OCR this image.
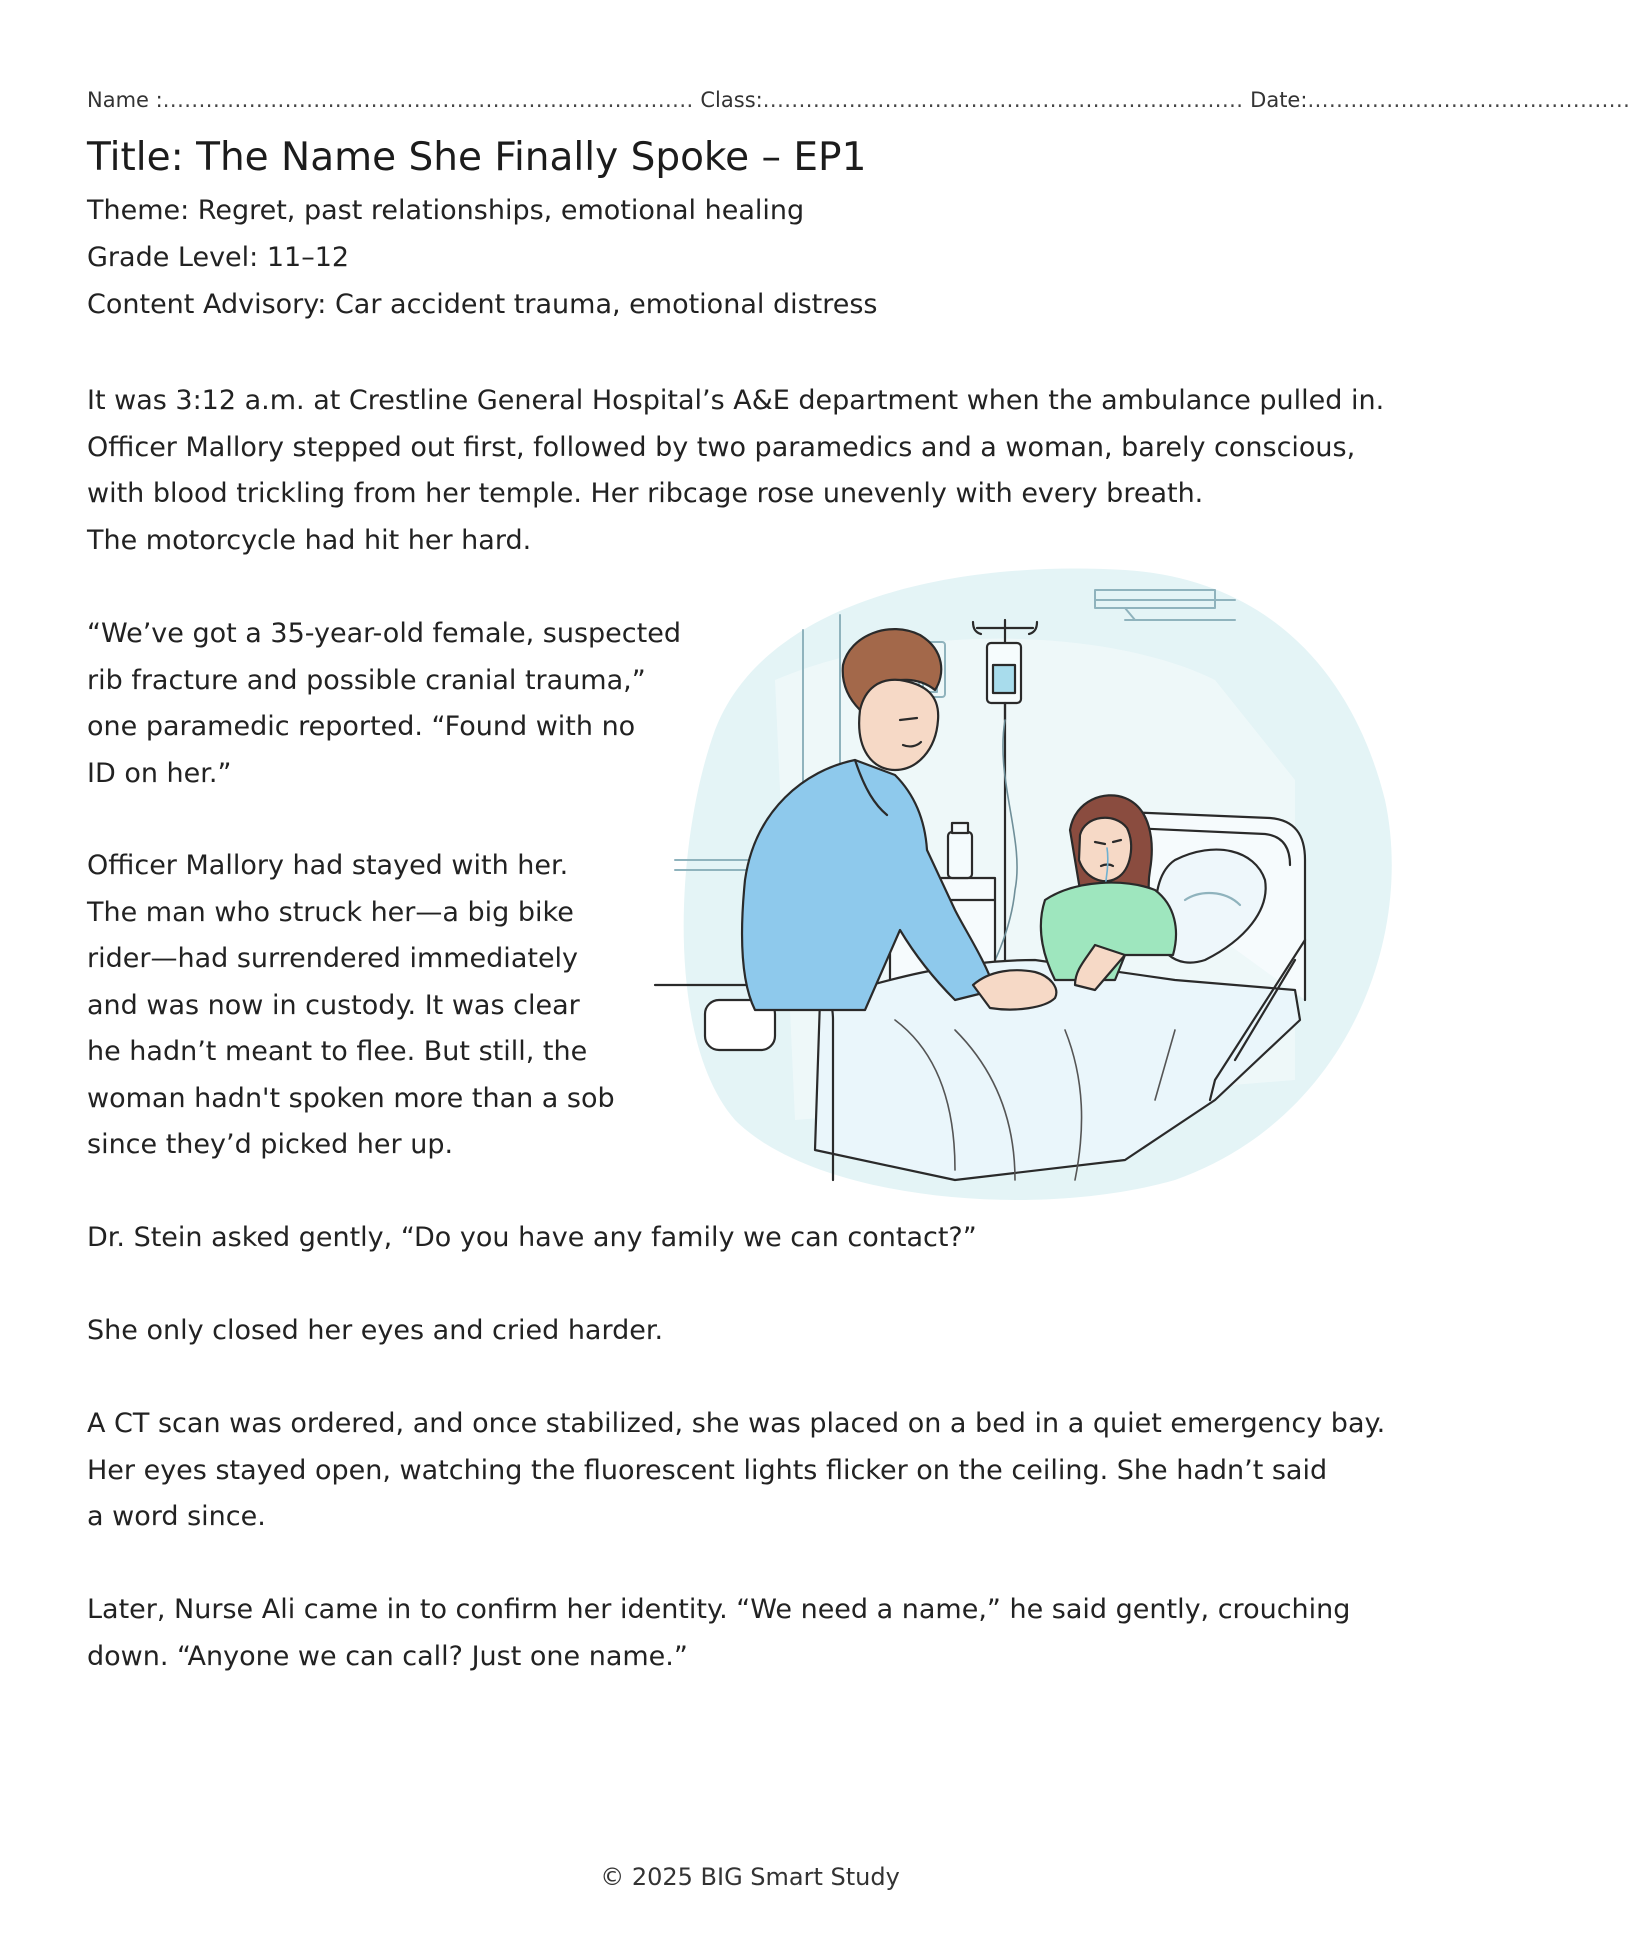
Name :.......................................................................... Class:................................................................... Date:.............................................
Title: The Name She Finally Spoke – EP1
Theme: Regret, past relationships, emotional healing
Grade Level: 11–12
Content Advisory: Car accident trauma, emotional distress

It was 3:12 a.m. at Crestline General Hospital’s A&E department when the ambulance pulled in.
Officer Mallory stepped out first, followed by two paramedics and a woman, barely conscious,
with blood trickling from her temple. Her ribcage rose unevenly with every breath.
The motorcycle had hit her hard.

“We’ve got a 35-year-old female, suspected
rib fracture and possible cranial trauma,”
one paramedic reported. “Found with no
ID on her.”

Officer Mallory had stayed with her.
The man who struck her—a big bike
rider—had surrendered immediately
and was now in custody. It was clear
he hadn’t meant to flee. But still, the
woman hadn't spoken more than a sob
since they’d picked her up.

Dr. Stein asked gently, “Do you have any family we can contact?”

She only closed her eyes and cried harder.

A CT scan was ordered, and once stabilized, she was placed on a bed in a quiet emergency bay.
Her eyes stayed open, watching the fluorescent lights flicker on the ceiling. She hadn’t said
a word since.

Later, Nurse Ali came in to confirm her identity. “We need a name,” he said gently, crouching
down. “Anyone we can call? Just one name.”

© 2025 BIG Smart Study
